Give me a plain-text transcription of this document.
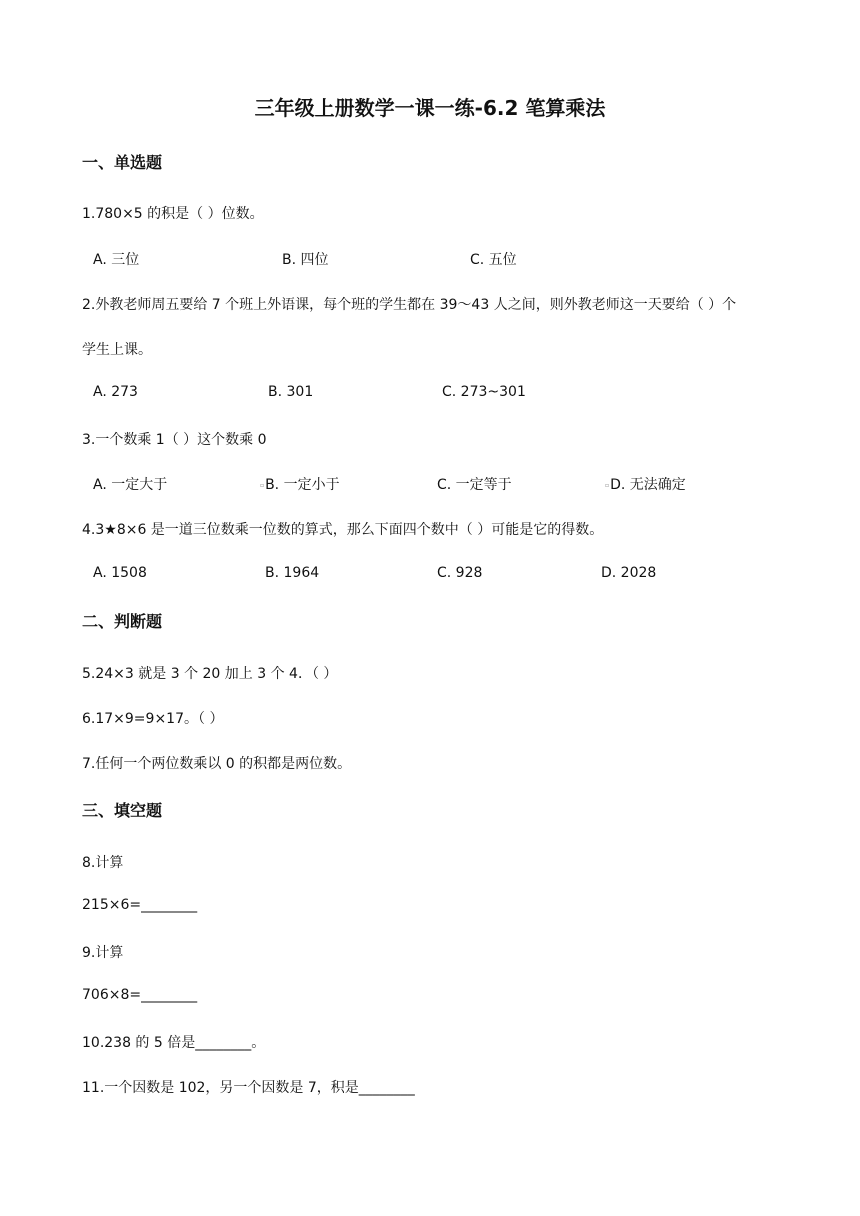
三年级上册数学一课一练-6.2 笔算乘法
一、单选题
1.780×5 的积是（ ）位数。
A. 三位	B. 四位	C. 五位
2.外教老师周五要给 7 个班上外语课，每个班的学生都在 39～43 人之间，则外教老师这一天要给（ ）个
学生上课。
A. 273	B. 301	C. 273~301
3.一个数乘 1（ ）这个数乘 0
A. 一定大于	▫B. 一定小于	C. 一定等于	▫D. 无法确定
4.3★8×6 是一道三位数乘一位数的算式，那么下面四个数中（ ）可能是它的得数。
A. 1508	B. 1964	C. 928	D. 2028
二、判断题
5.24×3 就是 3 个 20 加上 3 个 4．（ ）
6.17×9=9×17。（ ）
7.任何一个两位数乘以 0 的积都是两位数。
三、填空题
8.计算
215×6=________
9.计算
706×8=________
10.238 的 5 倍是________。
11.一个因数是 102，另一个因数是 7，积是________
